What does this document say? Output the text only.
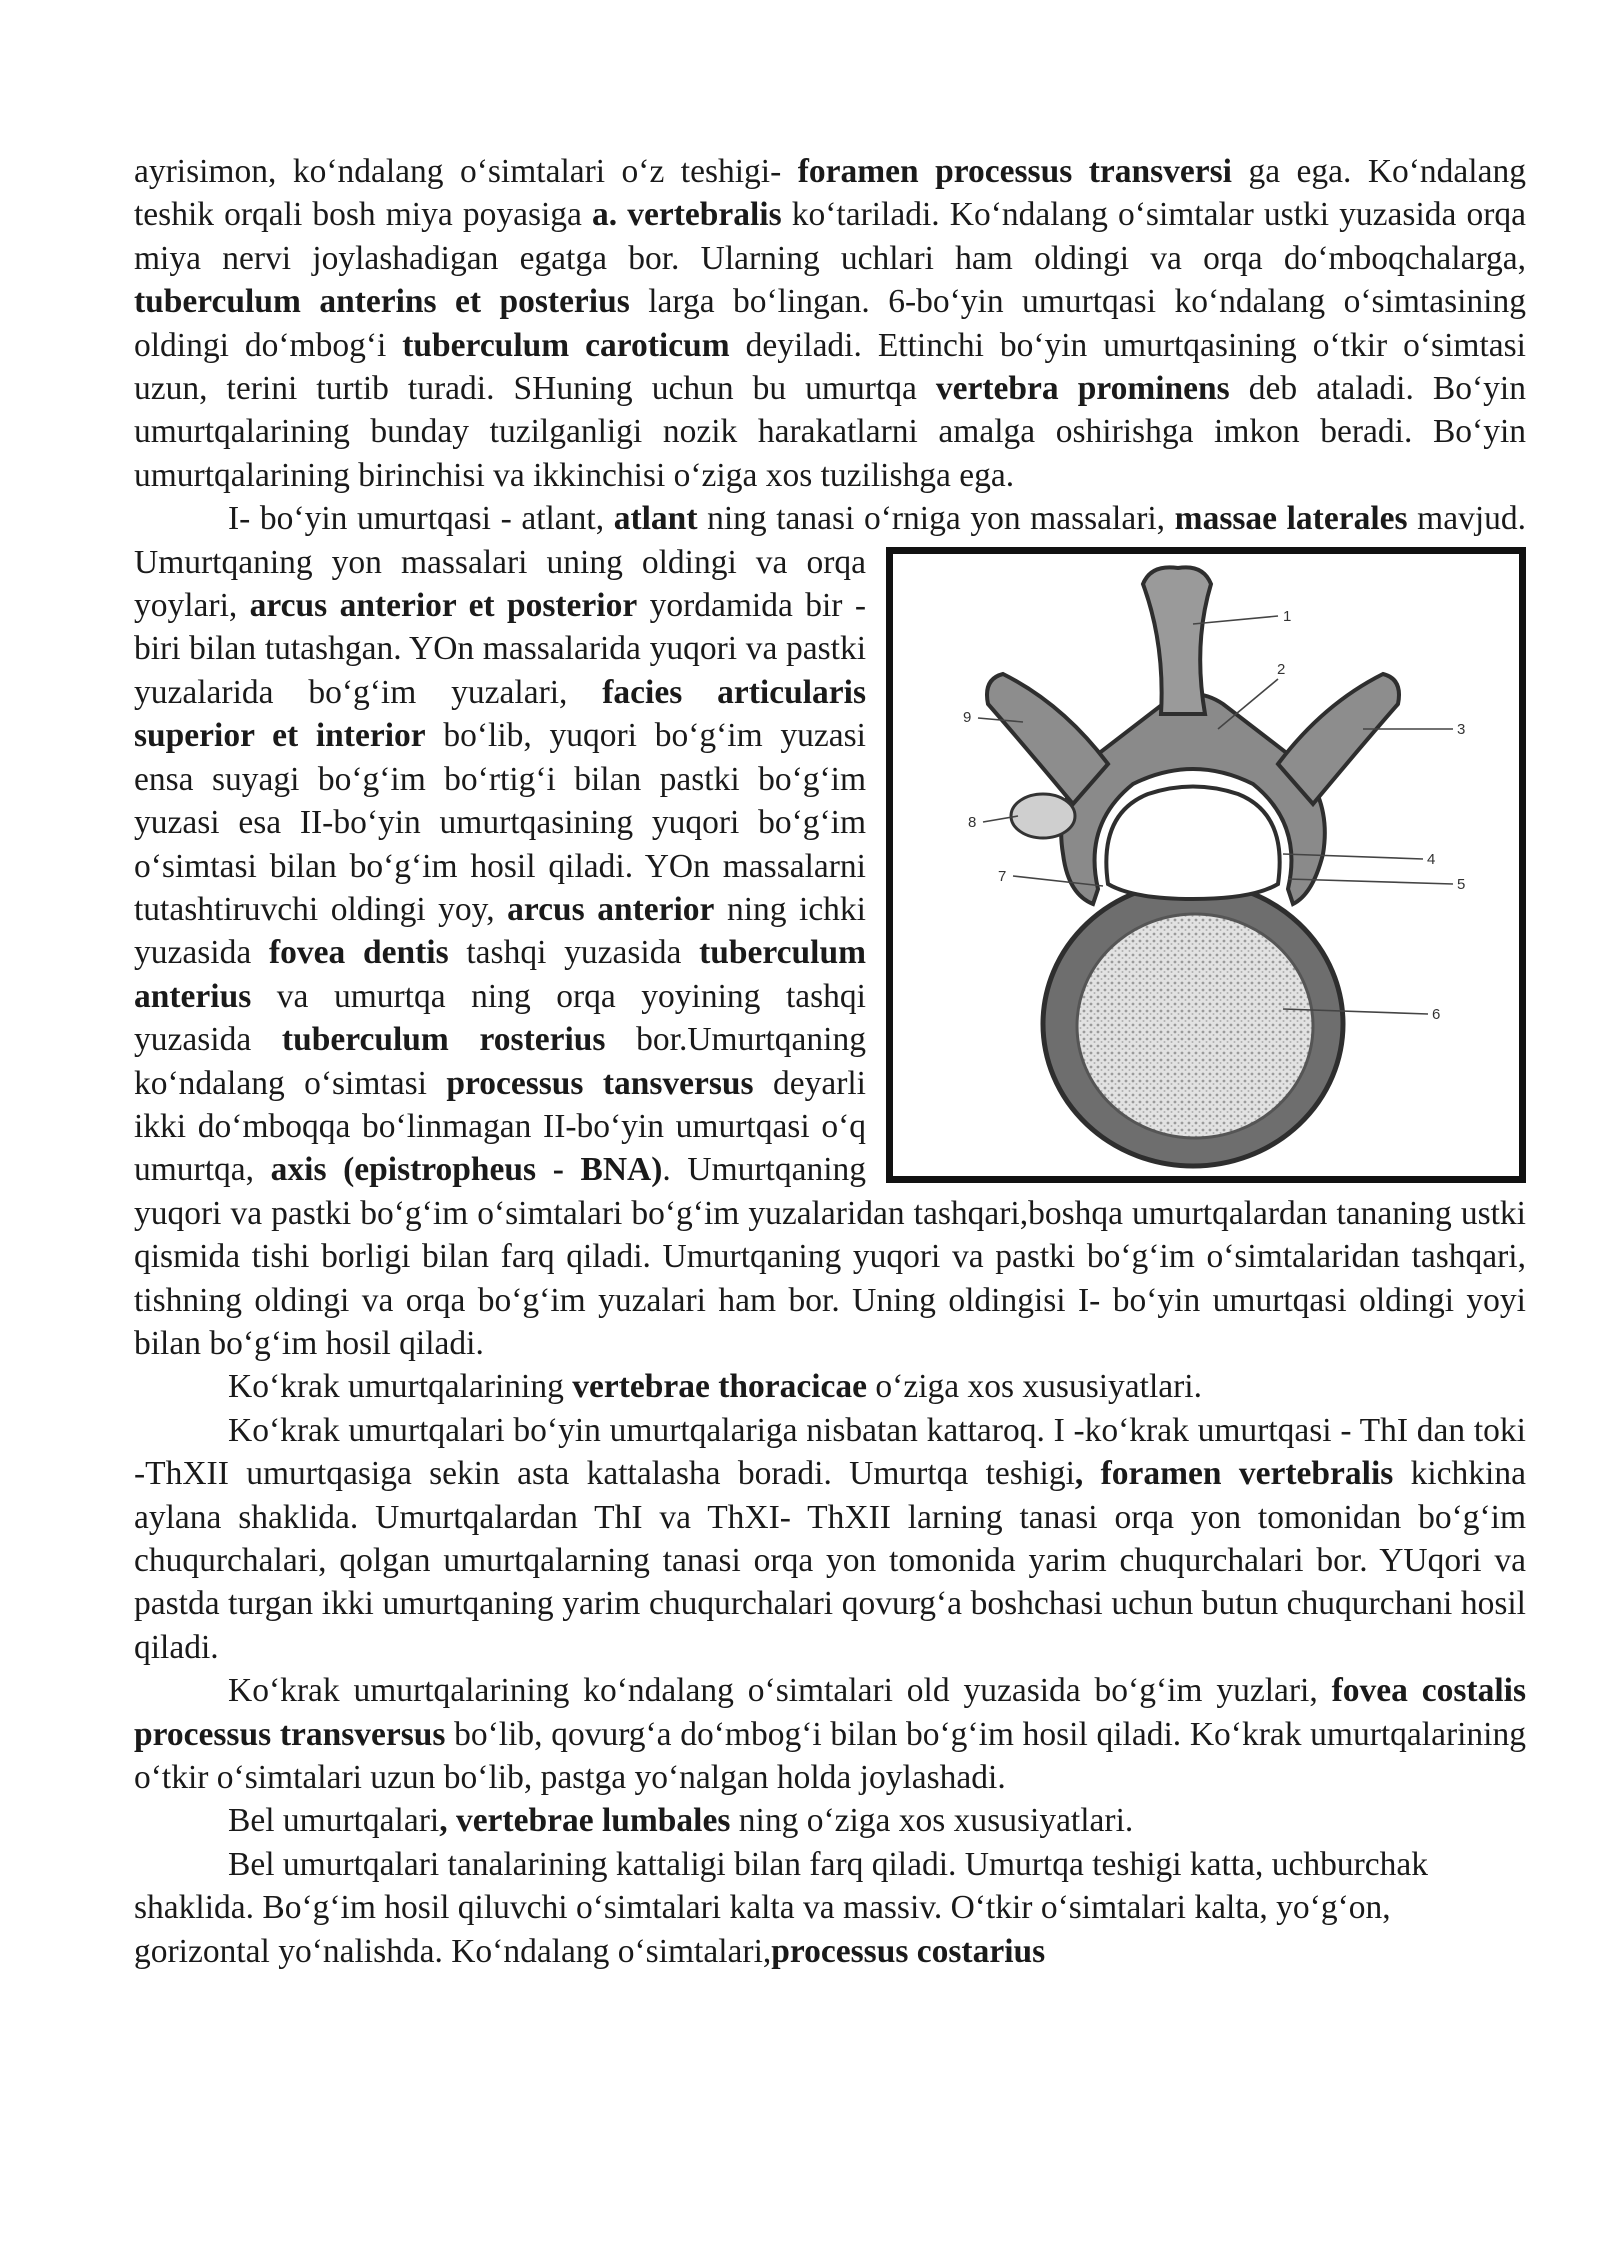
ayrisimon, ko‘ndalang o‘simtalari o‘z teshigi- foramen processus transversi ga ega. Ko‘ndalang teshik orqali bosh miya poyasiga a. vertebralis ko‘tariladi. Ko‘ndalang o‘simtalar ustki yuzasida orqa miya nervi joylashadigan egatga bor. Ularning uchlari ham oldingi va orqa do‘mboqchalarga, tuberculum anterins et posterius larga bo‘lingan. 6-bo‘yin umurtqasi ko‘ndalang o‘simtasining oldingi do‘mbog‘i tuberculum caroticum deyiladi. Ettinchi bo‘yin umurtqasining o‘tkir o‘simtasi uzun, terini turtib turadi. SHuning uchun bu umurtqa vertebra prominens deb ataladi. Bo‘yin umurtqalarining bunday tuzilganligi nozik harakatlarni amalga oshirishga imkon beradi. Bo‘yin umurtqalarining birinchisi va ikkinchisi o‘ziga xos tuzilishga ega.

I- bo‘yin umurtqasi - atlant, atlant ning tanasi o‘rniga yon massalari,
1
2
3
4
5
6
7
8
9
massae laterales mavjud. Umurtqaning yon massalari uning oldingi va orqa yoylari, arcus anterior et posterior yordamida bir - biri bilan tutashgan. YOn massalarida yuqori va pastki yuzalarida bo‘g‘im yuzalari, facies articularis superior et interior bo‘lib, yuqori bo‘g‘im yuzasi ensa suyagi bo‘g‘im bo‘rtig‘i bilan pastki bo‘g‘im yuzasi esa II-bo‘yin umurtqasining yuqori bo‘g‘im o‘simtasi bilan bo‘g‘im hosil qiladi. YOn massalarni tutashtiruvchi oldingi yoy, arcus anterior ning ichki yuzasida fovea dentis tashqi yuzasida tuberculum anterius va umurtqa ning orqa yoyining tashqi yuzasida tuberculum rosterius bor.Umurtqaning ko‘ndalang o‘simtasi processus tansversus deyarli ikki do‘mboqqa bo‘linmagan II-bo‘yin umurtqasi o‘q umurtqa, axis (epistropheus - BNA). Umurtqaning yuqori va pastki bo‘g‘im o‘simtalari bo‘g‘im yuzalaridan tashqari,boshqa umurtqalardan tananing ustki qismida tishi borligi bilan farq qiladi. Umurtqaning yuqori va pastki bo‘g‘im o‘simtalaridan tashqari, tishning oldingi va orqa bo‘g‘im yuzalari ham bor. Uning oldingisi I- bo‘yin umurtqasi oldingi yoyi bilan bo‘g‘im hosil qiladi.

Ko‘krak umurtqalarining vertebrae thoracicae o‘ziga xos xususiyatlari.

Ko‘krak umurtqalari bo‘yin umurtqalariga nisbatan kattaroq. I -ko‘krak umurtqasi - ThI dan toki -ThXII umurtqasiga sekin asta kattalasha boradi. Umurtqa teshigi, foramen vertebralis kichkina aylana shaklida. Umurtqalardan ThI va ThXI- ThXII larning tanasi orqa yon tomonidan bo‘g‘im chuqurchalari, qolgan umurtqalarning tanasi orqa yon tomonida yarim chuqurchalari bor. YUqori va pastda turgan ikki umurtqaning yarim chuqurchalari qovurg‘a boshchasi uchun butun chuqurchani hosil qiladi.

Ko‘krak umurtqalarining ko‘ndalang o‘simtalari old yuzasida bo‘g‘im yuzlari, fovea costalis processus transversus bo‘lib, qovurg‘a do‘mbog‘i bilan bo‘g‘im hosil qiladi. Ko‘krak umurtqalarining o‘tkir o‘simtalari uzun bo‘lib, pastga yo‘nalgan holda joylashadi.

Bel umurtqalari, vertebrae lumbales ning o‘ziga xos xususiyatlari.

Bel umurtqalari tanalarining kattaligi bilan farq qiladi. Umurtqa teshigi katta, uchburchak shaklida. Bo‘g‘im hosil qiluvchi o‘simtalari kalta va massiv. O‘tkir o‘simtalari kalta, yo‘g‘on, gorizontal yo‘nalishda. Ko‘ndalang o‘simtalari,processus costarius
